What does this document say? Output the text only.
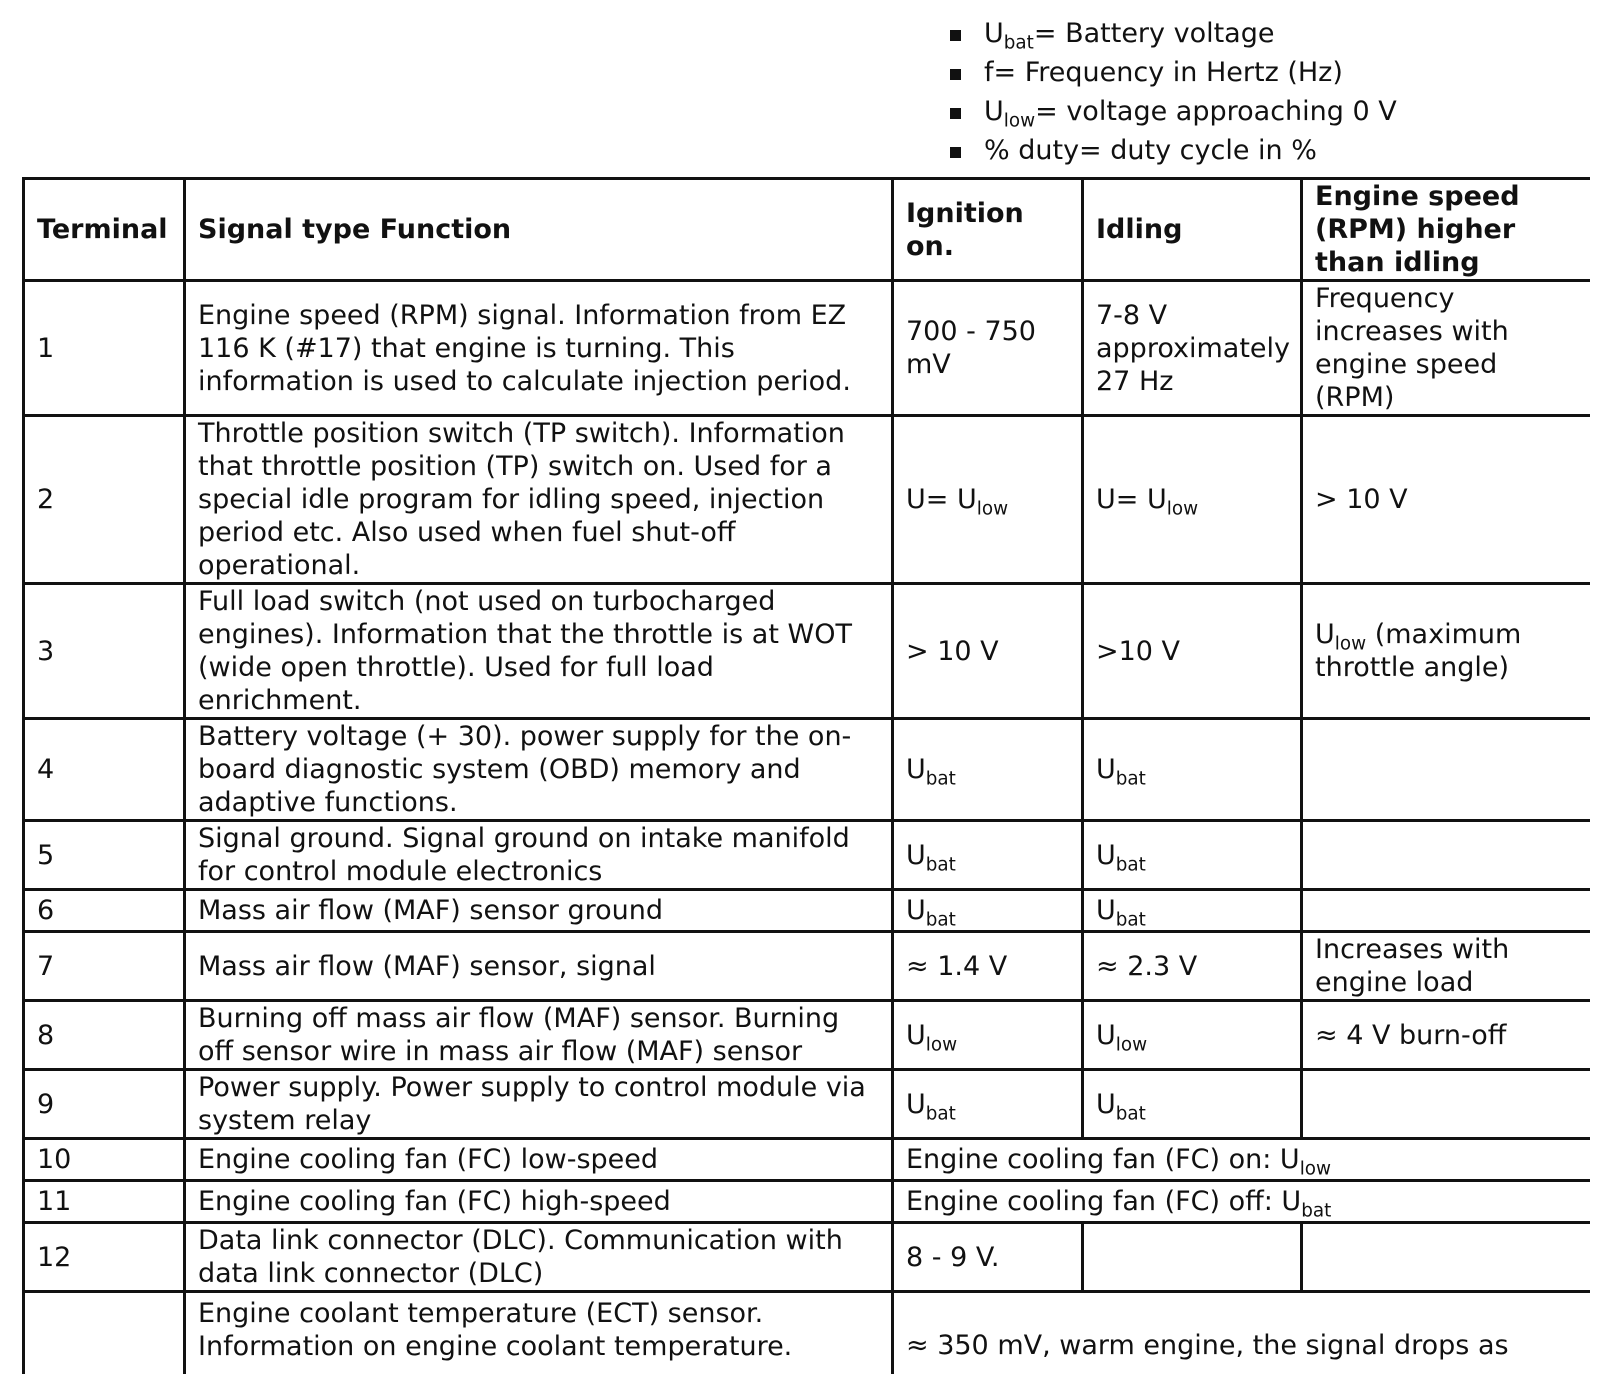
$U_{bat}=$ Battery voltage
f= Frequency in Hertz (Hz)
$U_{low}=$ voltage approaching 0 V
% duty= duty cycle in %
Terminal	Signal type Function	Ignition on.	Idling	Engine speed (RPM) higher than idling
1	Engine speed (RPM) signal. Information from EZ 116 K (#17) that engine is turning. This information is used to calculate injection period.	700 - 750 mV	7-8 V approximately 27 Hz	Frequency increases with engine speed (RPM)
2	Throttle position switch (TP switch). Information that throttle position (TP) switch on. Used for a special idle program for idling speed, injection period etc. Also used when fuel shut-off operational.	$U= U_{low}$	$U= U_{low}$	> 10 V
3	Full load switch (not used on turbocharged engines). Information that the throttle is at WOT (wide open throttle). Used for full load enrichment.	> 10 V	>10 V	$U_{low}$ (maximum throttle angle)
4	Battery voltage (+ 30). power supply for the on-board diagnostic system (OBD) memory and adaptive functions.	$U_{bat}$	$U_{bat}$	
5	Signal ground. Signal ground on intake manifold for control module electronics	$U_{bat}$	$U_{bat}$	
6	Mass air flow (MAF) sensor ground	$U_{bat}$	$U_{bat}$	
7	Mass air flow (MAF) sensor, signal	≈ 1.4 V	≈ 2.3 V	Increases with engine load
8	Burning off mass air flow (MAF) sensor. Burning off sensor wire in mass air flow (MAF) sensor	$U_{low}$	$U_{low}$	≈ 4 V burn-off
9	Power supply. Power supply to control module via system relay	$U_{bat}$	$U_{bat}$	
10	Engine cooling fan (FC) low-speed	Engine cooling fan (FC) on: $U_{low}$
11	Engine cooling fan (FC) high-speed	Engine cooling fan (FC) off: $U_{bat}$
12	Data link connector (DLC). Communication with data link connector (DLC)	8 - 9 V.		
	Engine coolant temperature (ECT) sensor. Information on engine coolant temperature.	≈ 350 mV, warm engine, the signal drops as		
